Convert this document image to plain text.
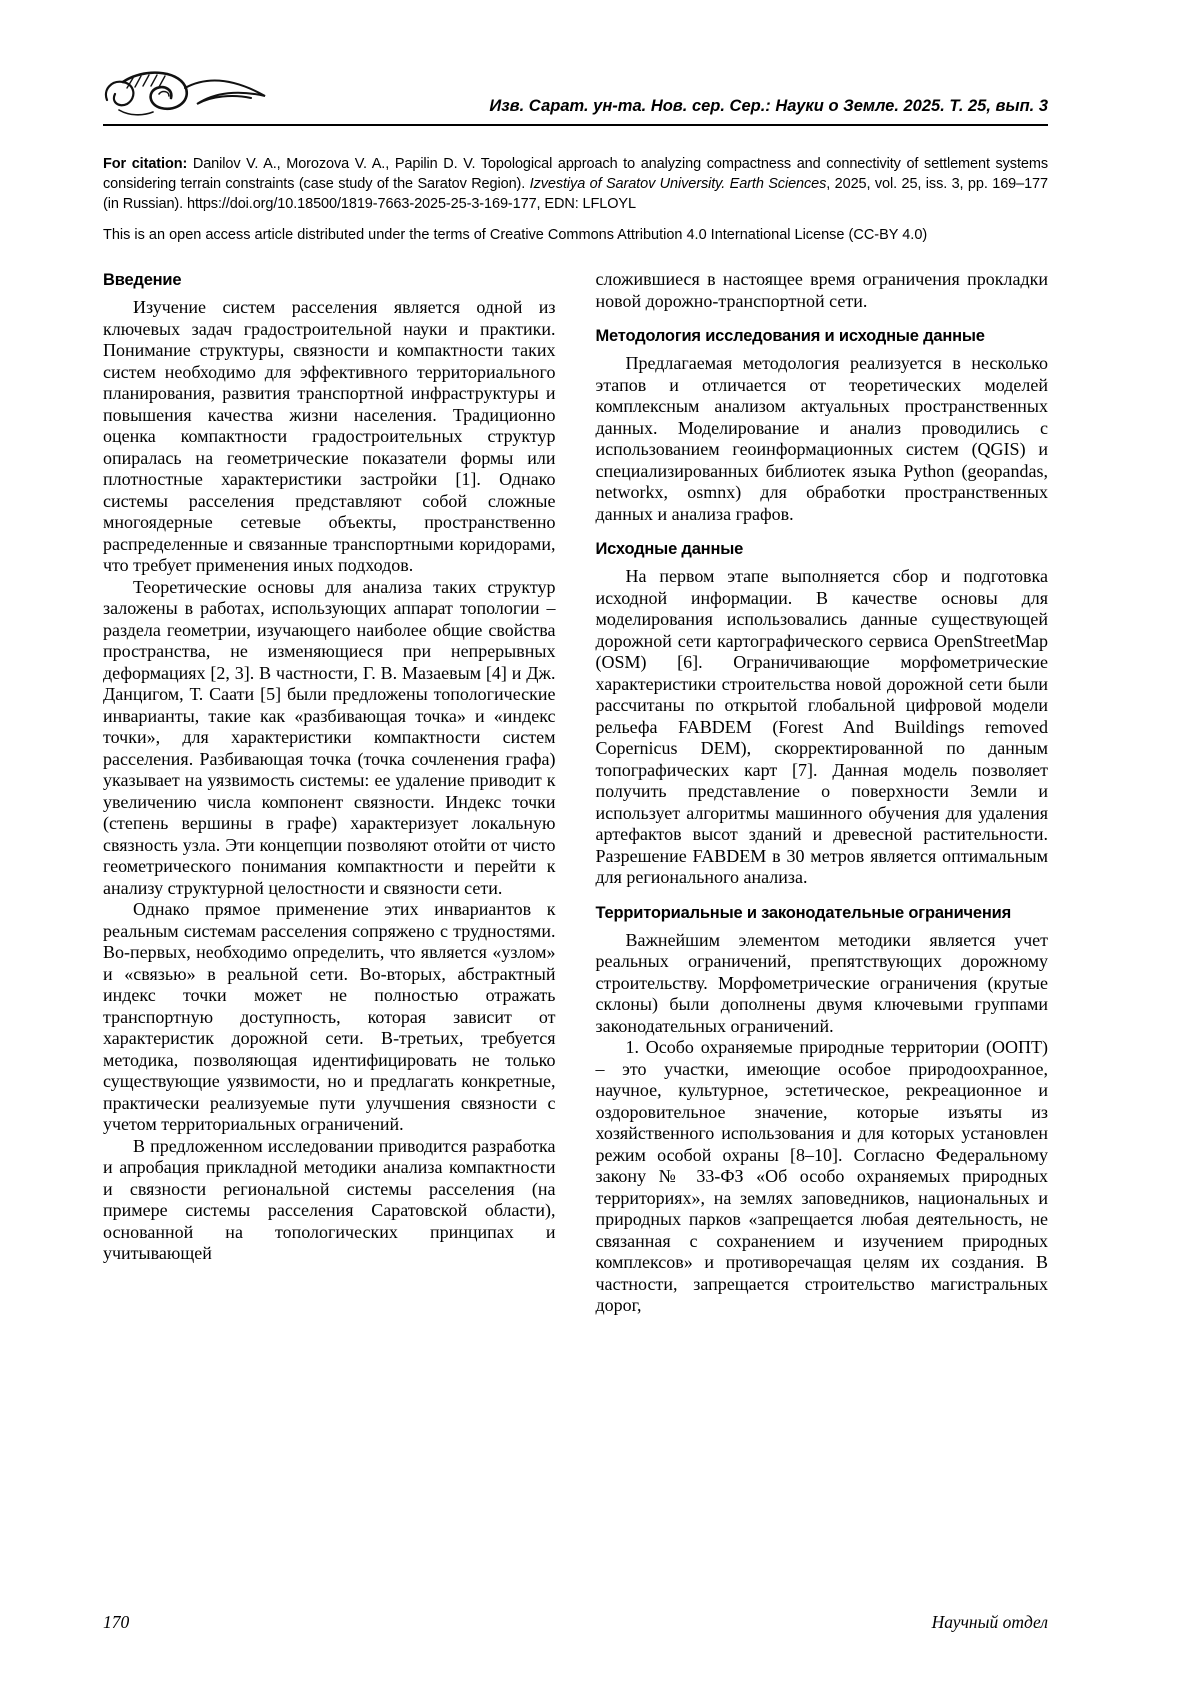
Изв. Сарат. ун-та. Нов. сер. Сер.: Науки о Земле. 2025. Т. 25, вып. 3

For citation: Danilov V. A., Morozova V. A., Papilin D. V. Topological approach to analyzing compactness and connectivity of settlement systems considering terrain constraints (case study of the Saratov Region). Izvestiya of Saratov University. Earth Sciences, 2025, vol. 25, iss. 3, pp. 169–177 (in Russian). https://doi.org/10.18500/1819-7663-2025-25-3-169-177, EDN: LFLOYL

This is an open access article distributed under the terms of Creative Commons Attribution 4.0 International License (CC-BY 4.0)

Введение

Изучение систем расселения является одной из ключевых задач градостроительной науки и практики. Понимание структуры, связности и компактности таких систем необходимо для эффективного территориального планирования, развития транспортной инфраструктуры и повышения качества жизни населения. Традиционно оценка компактности градостроительных структур опиралась на геометрические показатели формы или плотностные характеристики застройки [1]. Однако системы расселения представляют собой сложные многоядерные сетевые объекты, пространственно распределенные и связанные транспортными коридорами, что требует применения иных подходов.

Теоретические основы для анализа таких структур заложены в работах, использующих аппарат топологии – раздела геометрии, изучающего наиболее общие свойства пространства, не изменяющиеся при непрерывных деформациях [2, 3]. В частности, Г. В. Мазаевым [4] и Дж. Данцигом, Т. Саати [5] были предложены топологические инварианты, такие как «разбивающая точка» и «индекс точки», для характеристики компактности систем расселения. Разбивающая точка (точка сочленения графа) указывает на уязвимость системы: ее удаление приводит к увеличению числа компонент связности. Индекс точки (степень вершины в графе) характеризует локальную связность узла. Эти концепции позволяют отойти от чисто геометрического понимания компактности и перейти к анализу структурной целостности и связности сети.

Однако прямое применение этих инвариантов к реальным системам расселения сопряжено с трудностями. Во-первых, необходимо определить, что является «узлом» и «связью» в реальной сети. Во-вторых, абстрактный индекс точки может не полностью отражать транспортную доступность, которая зависит от характеристик дорожной сети. В-третьих, требуется методика, позволяющая идентифицировать не только существующие уязвимости, но и предлагать конкретные, практически реализуемые пути улучшения связности с учетом территориальных ограничений.

В предложенном исследовании приводится разработка и апробация прикладной методики анализа компактности и связности региональной системы расселения (на примере системы расселения Саратовской области), основанной на топологических принципах и учитывающей

сложившиеся в настоящее время ограничения прокладки новой дорожно-транспортной сети.

Методология исследования и исходные данные

Предлагаемая методология реализуется в несколько этапов и отличается от теоретических моделей комплексным анализом актуальных пространственных данных. Моделирование и анализ проводились с использованием геоинформационных систем (QGIS) и специализированных библиотек языка Python (geopandas, networkx, osmnx) для обработки пространственных данных и анализа графов.

Исходные данные

На первом этапе выполняется сбор и подготовка исходной информации. В качестве основы для моделирования использовались данные существующей дорожной сети картографического сервиса OpenStreetMap (OSM) [6]. Ограничивающие морфометрические характеристики строительства новой дорожной сети были рассчитаны по открытой глобальной цифровой модели рельефа FABDEM (Forest And Buildings removed Copernicus DEM), скорректированной по данным топографических карт [7]. Данная модель позволяет получить представление о поверхности Земли и использует алгоритмы машинного обучения для удаления артефактов высот зданий и древесной растительности. Разрешение FABDEM в 30 метров является оптимальным для регионального анализа.

Территориальные и законодательные ограничения

Важнейшим элементом методики является учет реальных ограничений, препятствующих дорожному строительству. Морфометрические ограничения (крутые склоны) были дополнены двумя ключевыми группами законодательных ограничений.

1. Особо охраняемые природные территории (ООПТ) – это участки, имеющие особое природоохранное, научное, культурное, эстетическое, рекреационное и оздоровительное значение, которые изъяты из хозяйственного использования и для которых установлен режим особой охраны [8–10]. Согласно Федеральному закону № 33-ФЗ «Об особо охраняемых природных территориях», на землях заповедников, национальных и природных парков «запрещается любая деятельность, не связанная с сохранением и изучением природных комплексов» и противоречащая целям их создания. В частности, запрещается строительство магистральных дорог,

170	Научный отдел
